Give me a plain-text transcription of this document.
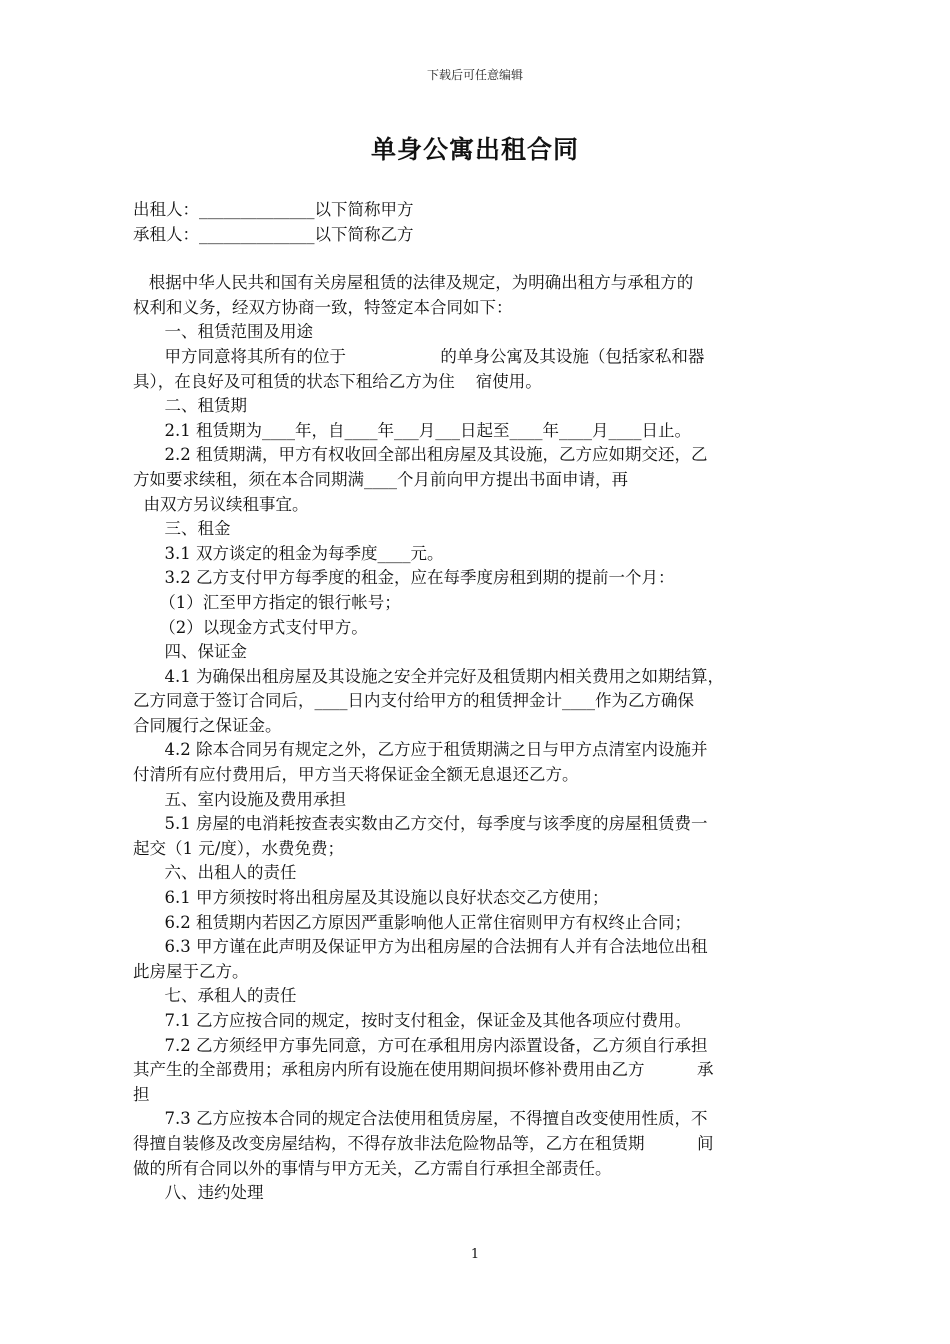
下载后可任意编辑
单身公寓出租合同

出租人：______________以下简称甲方

承租人：______________以下简称乙方

根据中华人民共和国有关房屋租赁的法律及规定，为明确出租方与承租方的

权利和义务，经双方协商一致，特签定本合同如下：

一、租赁范围及用途

甲方同意将其所有的位于                  的单身公寓及其设施（包括家私和器

具），在良好及可租赁的状态下租给乙方为住    宿使用。

二、租赁期

2.1 租赁期为____年，自____年___月___日起至____年____月____日止。

2.2 租赁期满，甲方有权收回全部出租房屋及其设施，乙方应如期交还，乙

方如要求续租，须在本合同期满____个月前向甲方提出书面申请，再

由双方另议续租事宜。

三、租金

3.1 双方谈定的租金为每季度____元。

3.2 乙方支付甲方每季度的租金，应在每季度房租到期的提前一个月：

（1）汇至甲方指定的银行帐号；

（2）以现金方式支付甲方。

四、保证金

4.1 为确保出租房屋及其设施之安全并完好及租赁期内相关费用之如期结算，

乙方同意于签订合同后，____日内支付给甲方的租赁押金计____作为乙方确保

合同履行之保证金。

4.2 除本合同另有规定之外，乙方应于租赁期满之日与甲方点清室内设施并

付清所有应付费用后，甲方当天将保证金全额无息退还乙方。

五、室内设施及费用承担

5.1 房屋的电消耗按查表实数由乙方交付，每季度与该季度的房屋租赁费一

起交（1 元/度），水费免费；

六、出租人的责任

6.1 甲方须按时将出租房屋及其设施以良好状态交乙方使用；

6.2 租赁期内若因乙方原因严重影响他人正常住宿则甲方有权终止合同；

6.3 甲方谨在此声明及保证甲方为出租房屋的合法拥有人并有合法地位出租

此房屋于乙方。

七、承租人的责任

7.1 乙方应按合同的规定，按时支付租金，保证金及其他各项应付费用。

7.2 乙方须经甲方事先同意，方可在承租用房内添置设备，乙方须自行承担

其产生的全部费用；承租房内所有设施在使用期间损坏修补费用由乙方          承

担

7.3 乙方应按本合同的规定合法使用租赁房屋，不得擅自改变使用性质，不

得擅自装修及改变房屋结构，不得存放非法危险物品等，乙方在租赁期          间

做的所有合同以外的事情与甲方无关，乙方需自行承担全部责任。

八、违约处理

1
